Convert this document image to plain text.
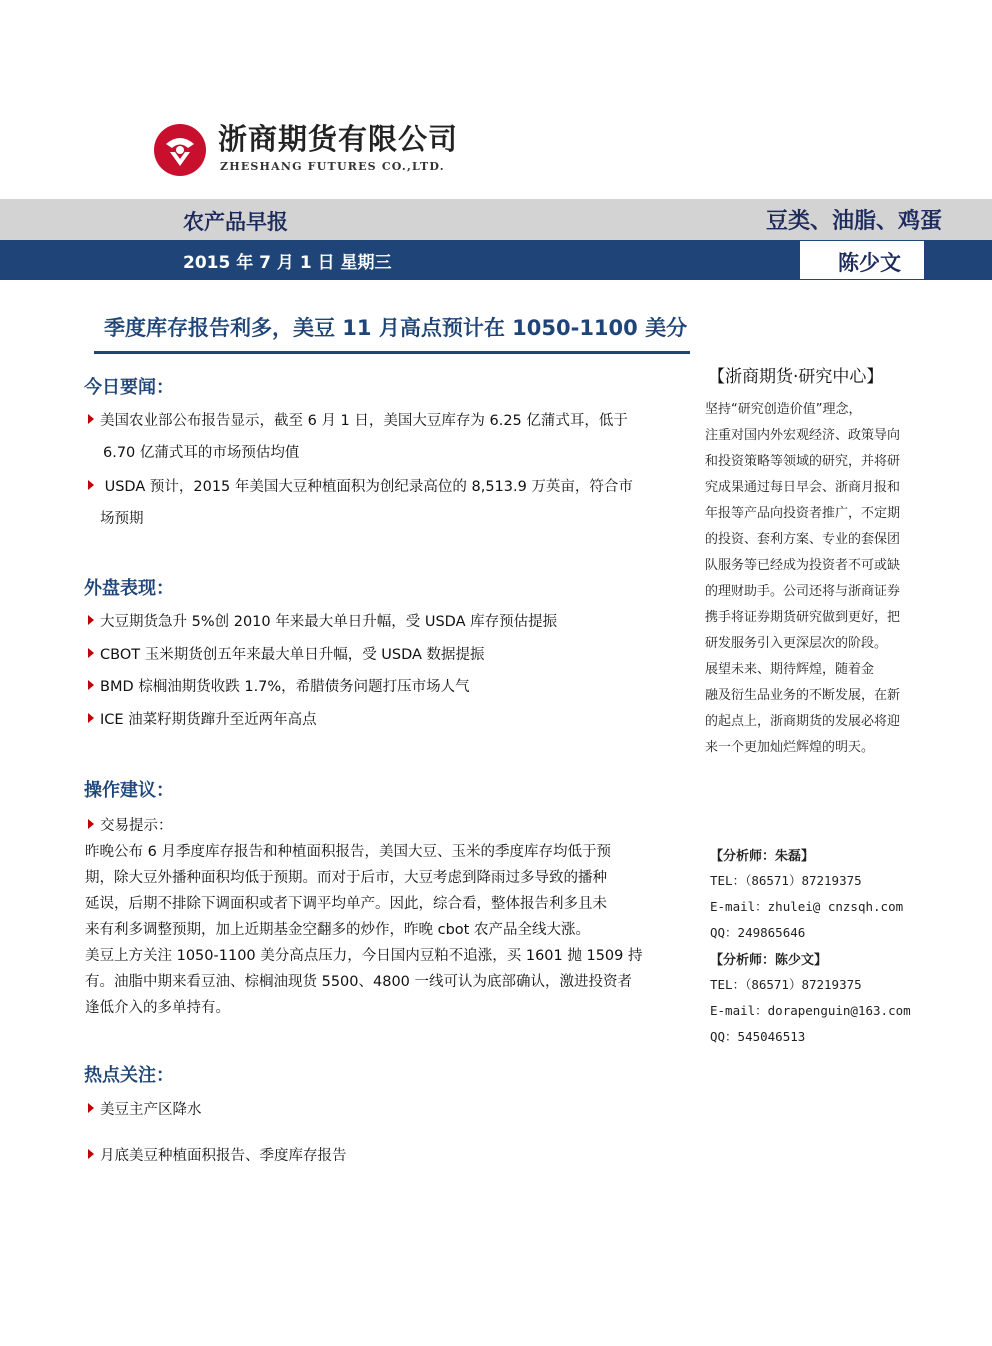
浙商期货有限公司
ZHESHANG FUTURES CO.,LTD.
农产品早报	豆类、油脂、鸡蛋
2015 年 7 月 1 日 星期三	陈少文
季度库存报告利多，美豆 11 月高点预计在 1050-1100 美分
今日要闻：
美国农业部公布报告显示，截至 6 月 1 日，美国大豆库存为 6.25 亿蒲式耳，低于
6.70 亿蒲式耳的市场预估均值
USDA 预计，2015 年美国大豆种植面积为创纪录高位的 8,513.9 万英亩，符合市
场预期
外盘表现：
大豆期货急升 5%创 2010 年来最大单日升幅，受 USDA 库存预估提振
CBOT 玉米期货创五年来最大单日升幅，受 USDA 数据提振
BMD 棕榈油期货收跌 1.7%，希腊债务问题打压市场人气
ICE 油菜籽期货蹿升至近两年高点
操作建议：
交易提示：
昨晚公布 6 月季度库存报告和种植面积报告，美国大豆、玉米的季度库存均低于预
期，除大豆外播种面积均低于预期。而对于后市，大豆考虑到降雨过多导致的播种
延误，后期不排除下调面积或者下调平均单产。因此，综合看，整体报告利多且未
来有利多调整预期，加上近期基金空翻多的炒作，昨晚 cbot 农产品全线大涨。
美豆上方关注 1050-1100 美分高点压力，今日国内豆粕不追涨，买 1601 抛 1509 持
有。油脂中期来看豆油、棕榈油现货 5500、4800 一线可认为底部确认，激进投资者
逢低介入的多单持有。
热点关注：
美豆主产区降水
月底美豆种植面积报告、季度库存报告
【浙商期货·研究中心】
坚持“研究创造价值”理念，
注重对国内外宏观经济、政策导向
和投资策略等领域的研究，并将研
究成果通过每日早会、浙商月报和
年报等产品向投资者推广，不定期
的投资、套利方案、专业的套保团
队服务等已经成为投资者不可或缺
的理财助手。公司还将与浙商证券
携手将证券期货研究做到更好，把
研发服务引入更深层次的阶段。
展望未来、期待辉煌，随着金
融及衍生品业务的不断发展，在新
的起点上，浙商期货的发展必将迎
来一个更加灿烂辉煌的明天。
【分析师：朱磊】
TEL：（86571）87219375
E-mail：zhulei@ cnzsqh.com
QQ：249865646
【分析师：陈少文】
TEL：（86571）87219375
E-mail：dorapenguin@163.com
QQ：545046513
